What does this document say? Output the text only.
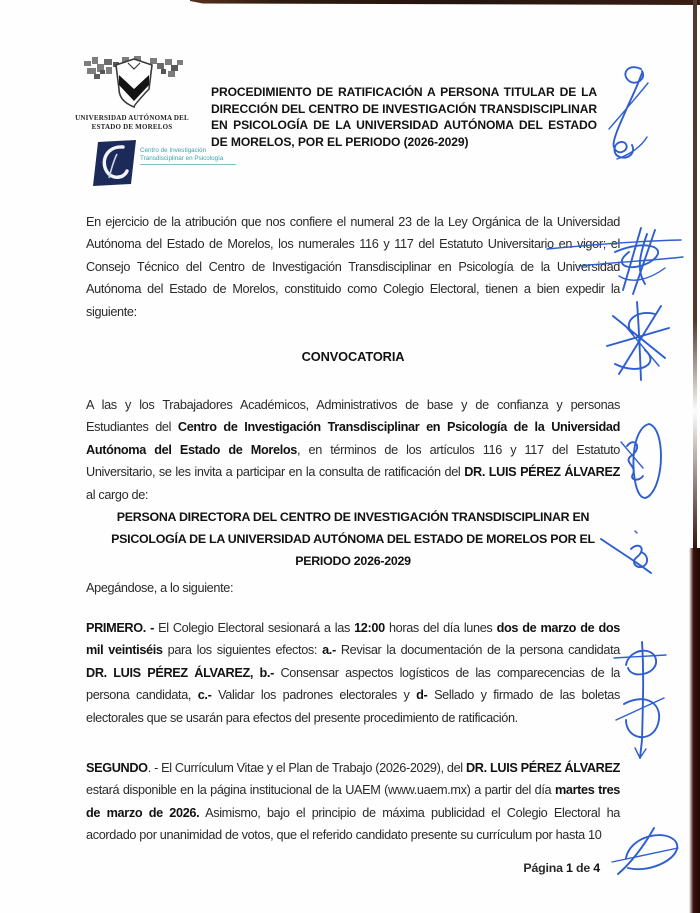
UNIVERSIDAD AUTÓNOMA DEL
ESTADO DE MORELOS
Centro de Investigación
Transdisciplinar en Psicología
PROCEDIMIENTO DE RATIFICACIÓN A PERSONA TITULAR DE LA DIRECCIÓN DEL CENTRO DE INVESTIGACIÓN TRANSDISCIPLINAR EN PSICOLOGÍA DE LA UNIVERSIDAD AUTÓNOMA DEL ESTADO DE MORELOS, POR EL PERIODO (2026-2029)
En ejercicio de la atribución que nos confiere el numeral 23 de la Ley Orgánica de la Universidad Autónoma del Estado de Morelos, los numerales 116 y 117 del Estatuto Universitario en vigor; el Consejo Técnico del Centro de Investigación Transdisciplinar en Psicología de la Universidad Autónoma del Estado de Morelos, constituido como Colegio Electoral, tienen a bien expedir la siguiente:
CONVOCATORIA
A las y los Trabajadores Académicos, Administrativos de base y de confianza y personas Estudiantes del Centro de Investigación Transdisciplinar en Psicología de la Universidad Autónoma del Estado de Morelos, en términos de los artículos 116 y 117 del Estatuto Universitario, se les invita a participar en la consulta de ratificación del DR. LUIS PÉREZ ÁLVAREZ al cargo de:
PERSONA DIRECTORA DEL CENTRO DE INVESTIGACIÓN TRANSDISCIPLINAR EN PSICOLOGÍA DE LA UNIVERSIDAD AUTÓNOMA DEL ESTADO DE MORELOS POR EL PERIODO 2026-2029
Apegándose, a lo siguiente:
PRIMERO. - El Colegio Electoral sesionará a las 12:00 horas del día lunes dos de marzo de dos mil veintiséis para los siguientes efectos: a.- Revisar la documentación de la persona candidata DR. LUIS PÉREZ ÁLVAREZ, b.- Consensar aspectos logísticos de las comparecencias de la persona candidata, c.- Validar los padrones electorales y d- Sellado y firmado de las boletas electorales que se usarán para efectos del presente procedimiento de ratificación.
SEGUNDO. - El Currículum Vitae y el Plan de Trabajo (2026-2029), del DR. LUIS PÉREZ ÁLVAREZ estará disponible en la página institucional de la UAEM (www.uaem.mx) a partir del día martes tres de marzo de 2026. Asimismo, bajo el principio de máxima publicidad el Colegio Electoral ha acordado por unanimidad de votos, que el referido candidato presente su currículum por hasta 10
Página 1 de 4
